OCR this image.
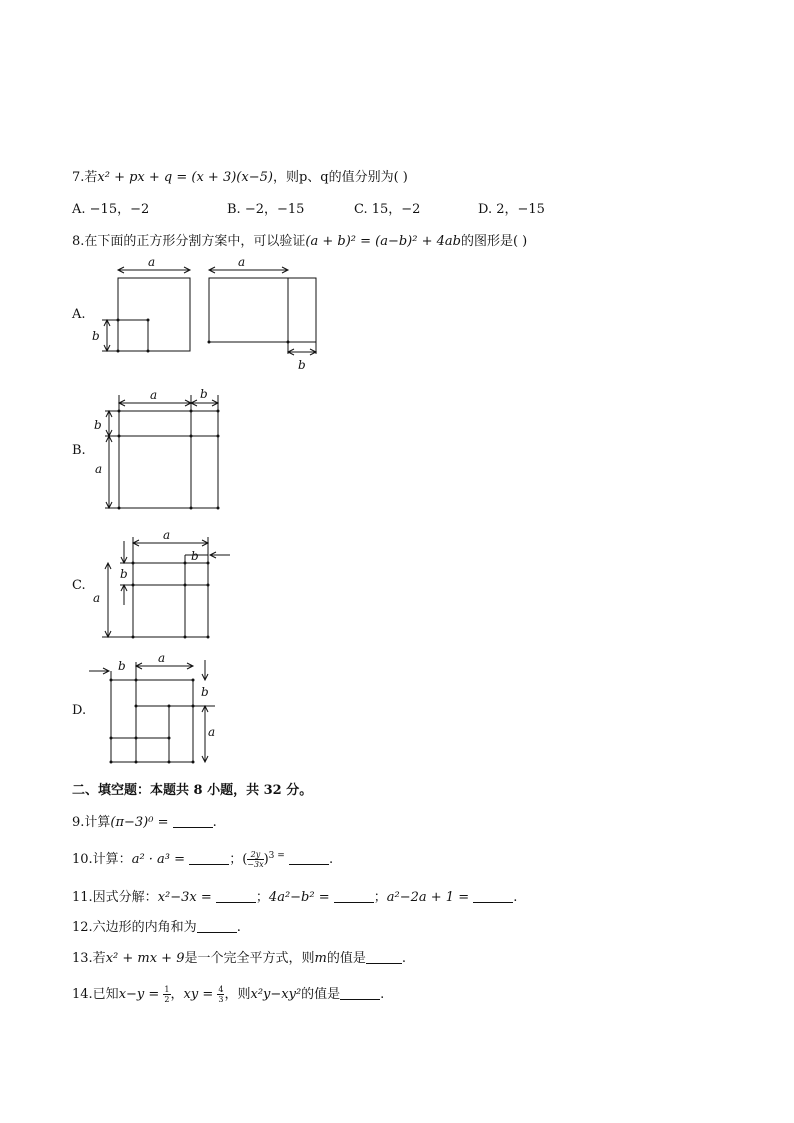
7.若x² + px + q = (x + 3)(x−5)，则p、q的值分别为( )
A. −15，−2	B. −2，−15	C. 15，−2	D. 2，−15
8.在下面的正方形分割方案中，可以验证(a + b)² = (a−b)² + 4ab的图形是( )
A.
a
b
a
b
B.
a	b
b
a
C.
a
b
b
a
D.
b
a
b
a
二、填空题：本题共 8 小题，共 32 分。
9.计算(π−3)⁰ =	.
10.计算：a² · a³ =	；( $\frac{2y}{-3x} )^{3 =}$	.
11.因式分解：x²−3x =	；4a²−b² =	；a²−2a + 1 =	.
12.六边形的内角和为	.
13.若x² + mx + 9是一个完全平方式，则m的值是	.
14.已知$x-y = \frac{1}{2}$ ，xy = $\frac{4}{3}$ ，则x²y−xy²的值是	.
